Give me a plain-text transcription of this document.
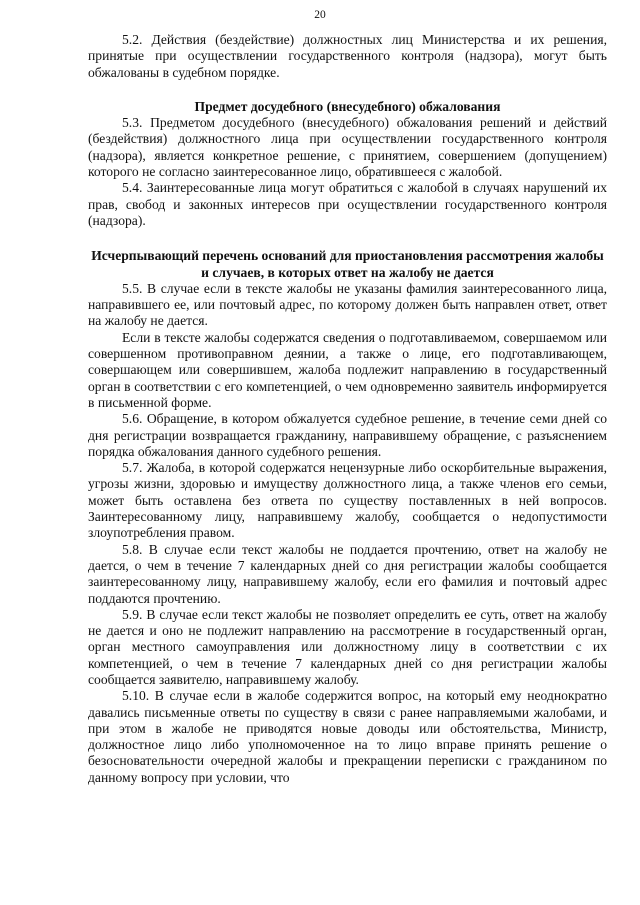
20

5.2. Действия (бездействие) должностных лиц Министерства и их решения, принятые при осуществлении государственного контроля (надзора), могут быть обжалованы в судебном порядке.

Предмет досудебного (внесудебного) обжалования

5.3. Предметом досудебного (внесудебного) обжалования решений и действий (бездействия) должностного лица при осуществлении государственного контроля (надзора), является конкретное решение, с принятием, совершением (допущением) которого не согласно заинтересованное лицо, обратившееся с жалобой.

5.4. Заинтересованные лица могут обратиться с жалобой в случаях нарушений их прав, свобод и законных интересов при осуществлении государственного контроля (надзора).

Исчерпывающий перечень оснований для приостановления рассмотрения жалобы и случаев, в которых ответ на жалобу не дается

5.5. В случае если в тексте жалобы не указаны фамилия заинтересованного лица, направившего ее, или почтовый адрес, по которому должен быть направлен ответ, ответ на жалобу не дается.

Если в тексте жалобы содержатся сведения о подготавливаемом, совершаемом или совершенном противоправном деянии, а также о лице, его подготавливающем, совершающем или совершившем, жалоба подлежит направлению в государственный орган в соответствии с его компетенцией, о чем одновременно заявитель информируется в письменной форме.

5.6. Обращение, в котором обжалуется судебное решение, в течение семи дней со дня регистрации возвращается гражданину, направившему обращение, с разъяснением порядка обжалования данного судебного решения.

5.7. Жалоба, в которой содержатся нецензурные либо оскорбительные выражения, угрозы жизни, здоровью и имуществу должностного лица, а также членов его семьи, может быть оставлена без ответа по существу поставленных в ней вопросов. Заинтересованному лицу, направившему жалобу, сообщается о недопустимости злоупотребления правом.

5.8. В случае если текст жалобы не поддается прочтению, ответ на жалобу не дается, о чем в течение 7 календарных дней со дня регистрации жалобы сообщается заинтересованному лицу, направившему жалобу, если его фамилия и почтовый адрес поддаются прочтению.

5.9. В случае если текст жалобы не позволяет определить ее суть, ответ на жалобу не дается и оно не подлежит направлению на рассмотрение в государственный орган, орган местного самоуправления или должностному лицу в соответствии с их компетенцией, о чем в течение 7 календарных дней со дня регистрации жалобы сообщается заявителю, направившему жалобу.

5.10. В случае если в жалобе содержится вопрос, на который ему неоднократно давались письменные ответы по существу в связи с ранее направляемыми жалобами, и при этом в жалобе не приводятся новые доводы или обстоятельства, Министр, должностное лицо либо уполномоченное на то лицо вправе принять решение о безосновательности очередной жалобы и прекращении переписки с гражданином по данному вопросу при условии, что
